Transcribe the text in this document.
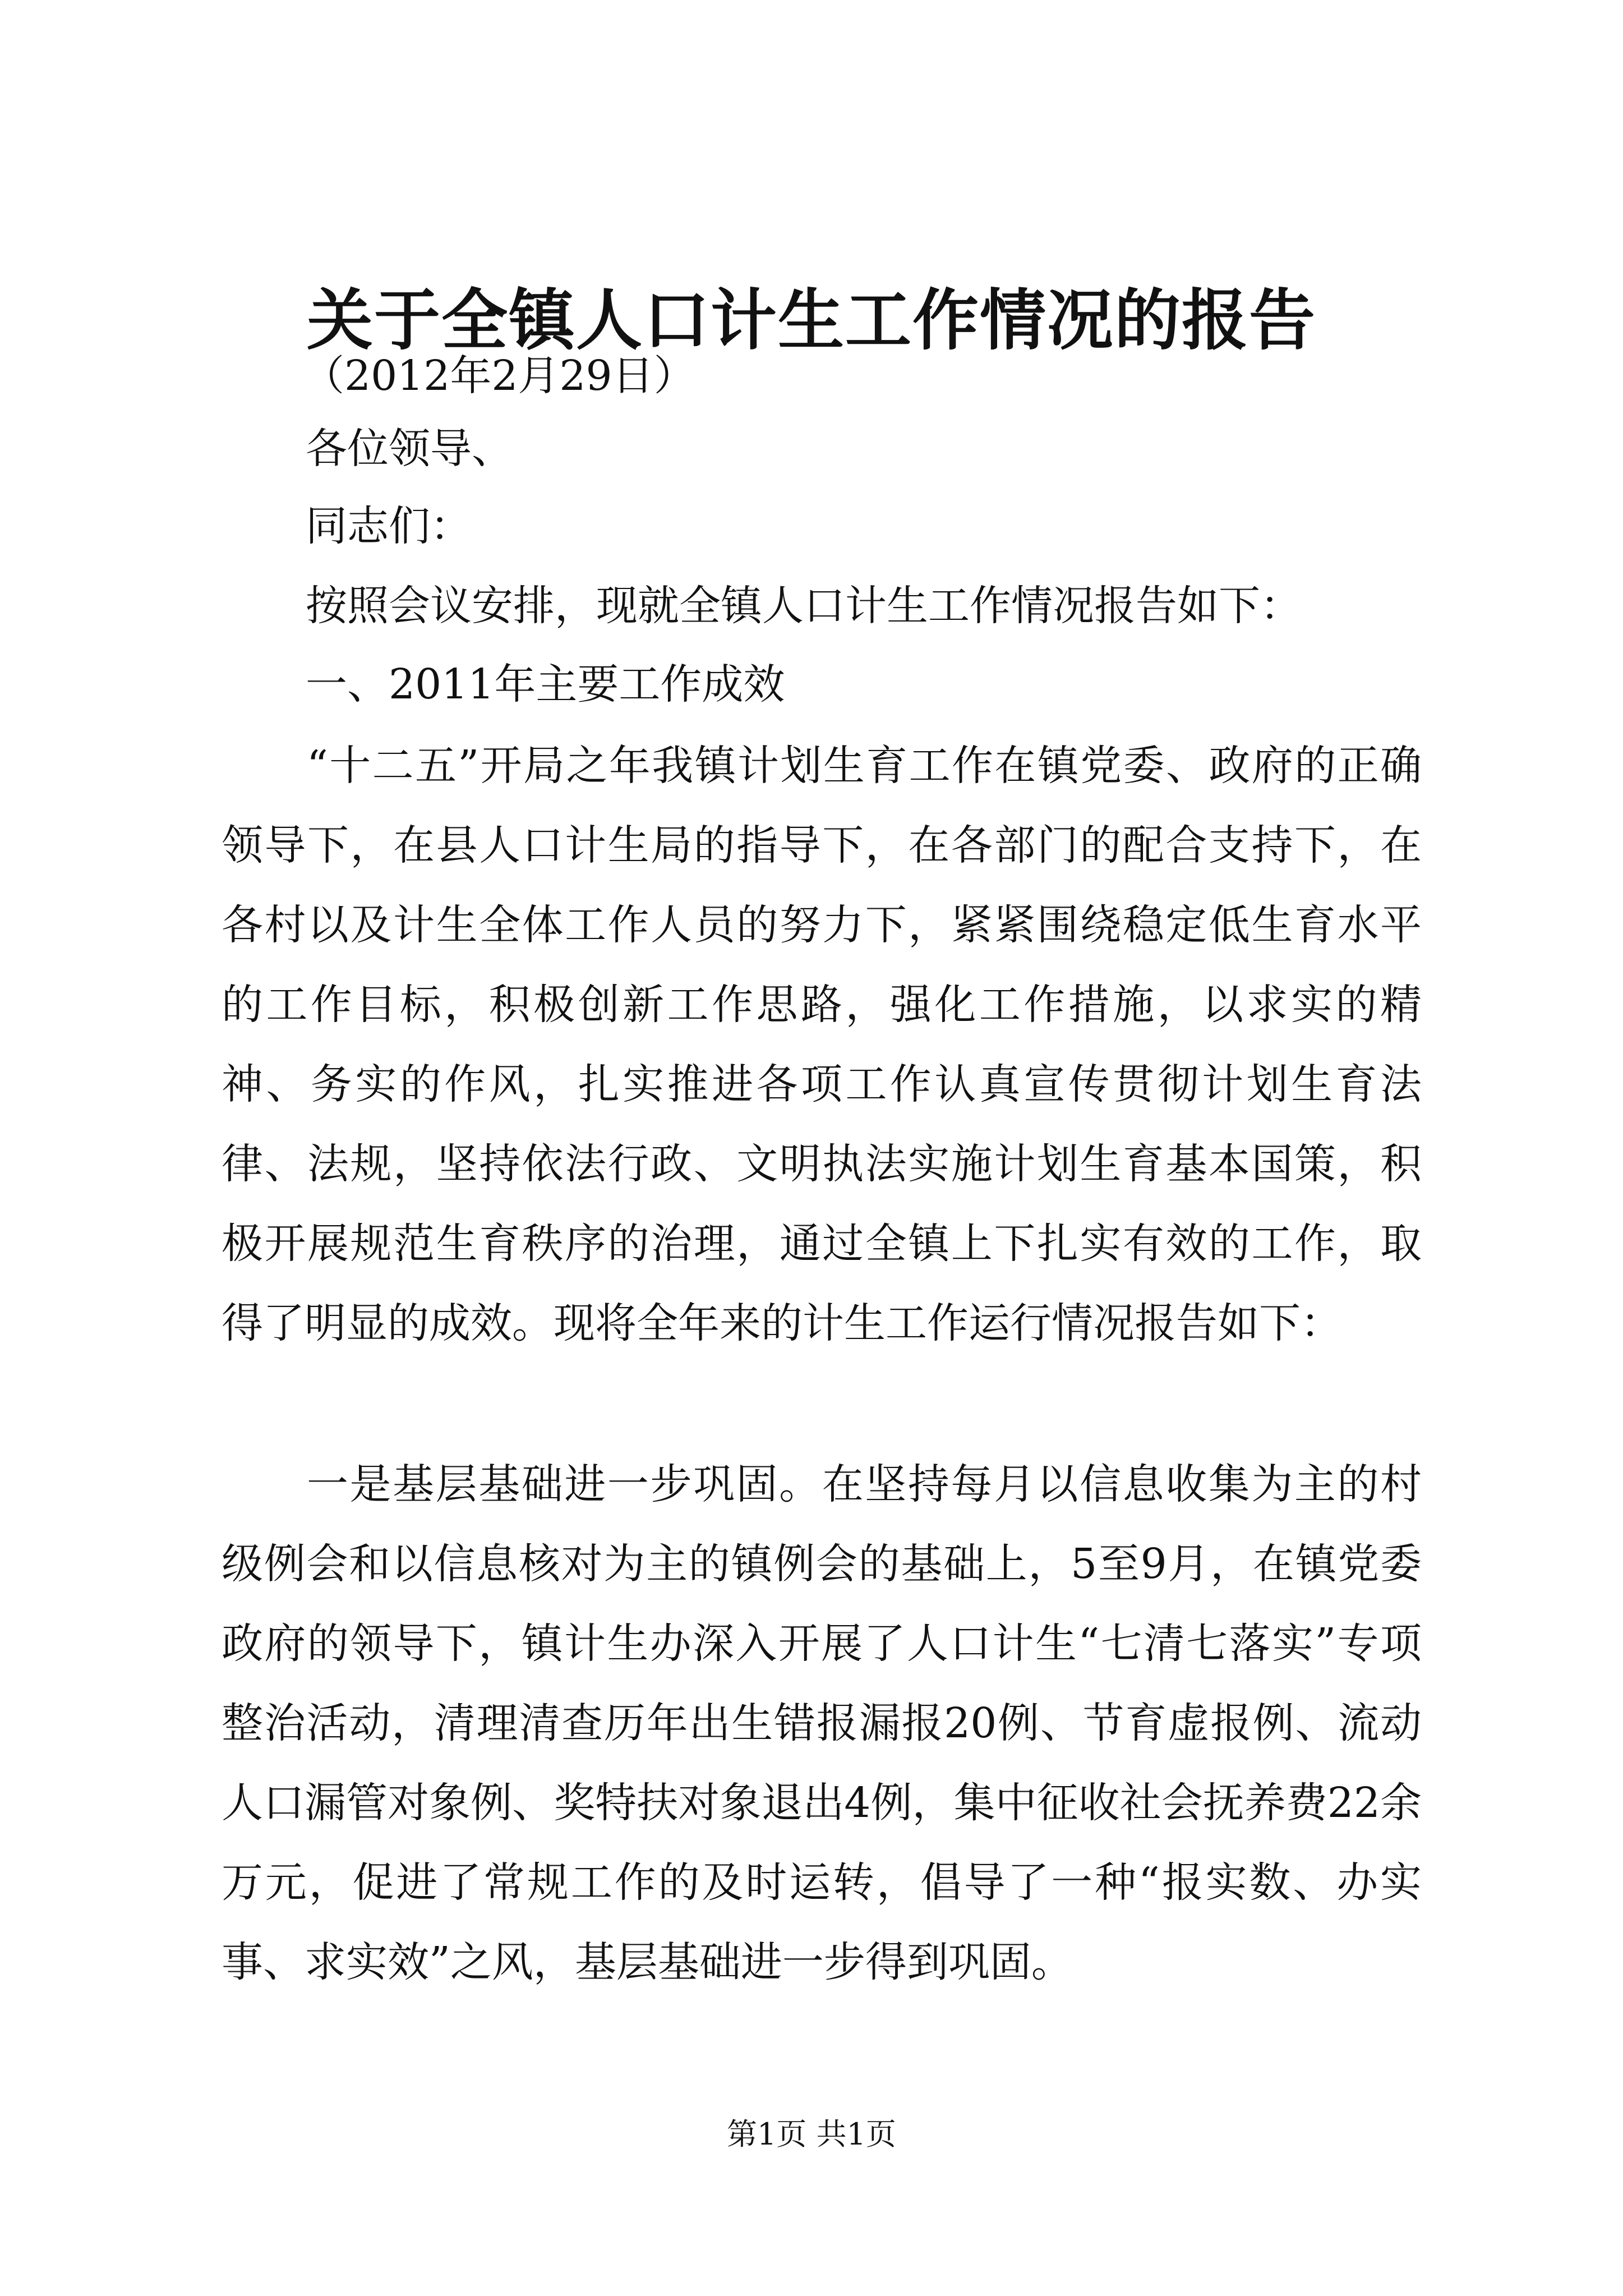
关于全镇人口计生工作情况的报告
（2012年2月29日）
各位领导、
同志们：
按照会议安排，现就全镇人口计生工作情况报告如下：
一、2011年主要工作成效

“十二五”开局之年我镇计划生育工作在镇党委、政府的正确领导下，在县人口计生局的指导下，在各部门的配合支持下，在各村以及计生全体工作人员的努力下，紧紧围绕稳定低生育水平的工作目标，积极创新工作思路，强化工作措施，以求实的精神、务实的作风，扎实推进各项工作认真宣传贯彻计划生育法律、法规，坚持依法行政、文明执法实施计划生育基本国策，积极开展规范生育秩序的治理，通过全镇上下扎实有效的工作，取得了明显的成效。现将全年来的计生工作运行情况报告如下：

一是基层基础进一步巩固。在坚持每月以信息收集为主的村级例会和以信息核对为主的镇例会的基础上，5至9月，在镇党委政府的领导下，镇计生办深入开展了人口计生“七清七落实”专项整治活动，清理清查历年出生错报漏报20例、节育虚报例、流动人口漏管对象例、奖特扶对象退出4例，集中征收社会抚养费22余万元，促进了常规工作的及时运转，倡导了一种“报实数、办实事、求实效”之风，基层基础进一步得到巩固。

第1页 共1页
